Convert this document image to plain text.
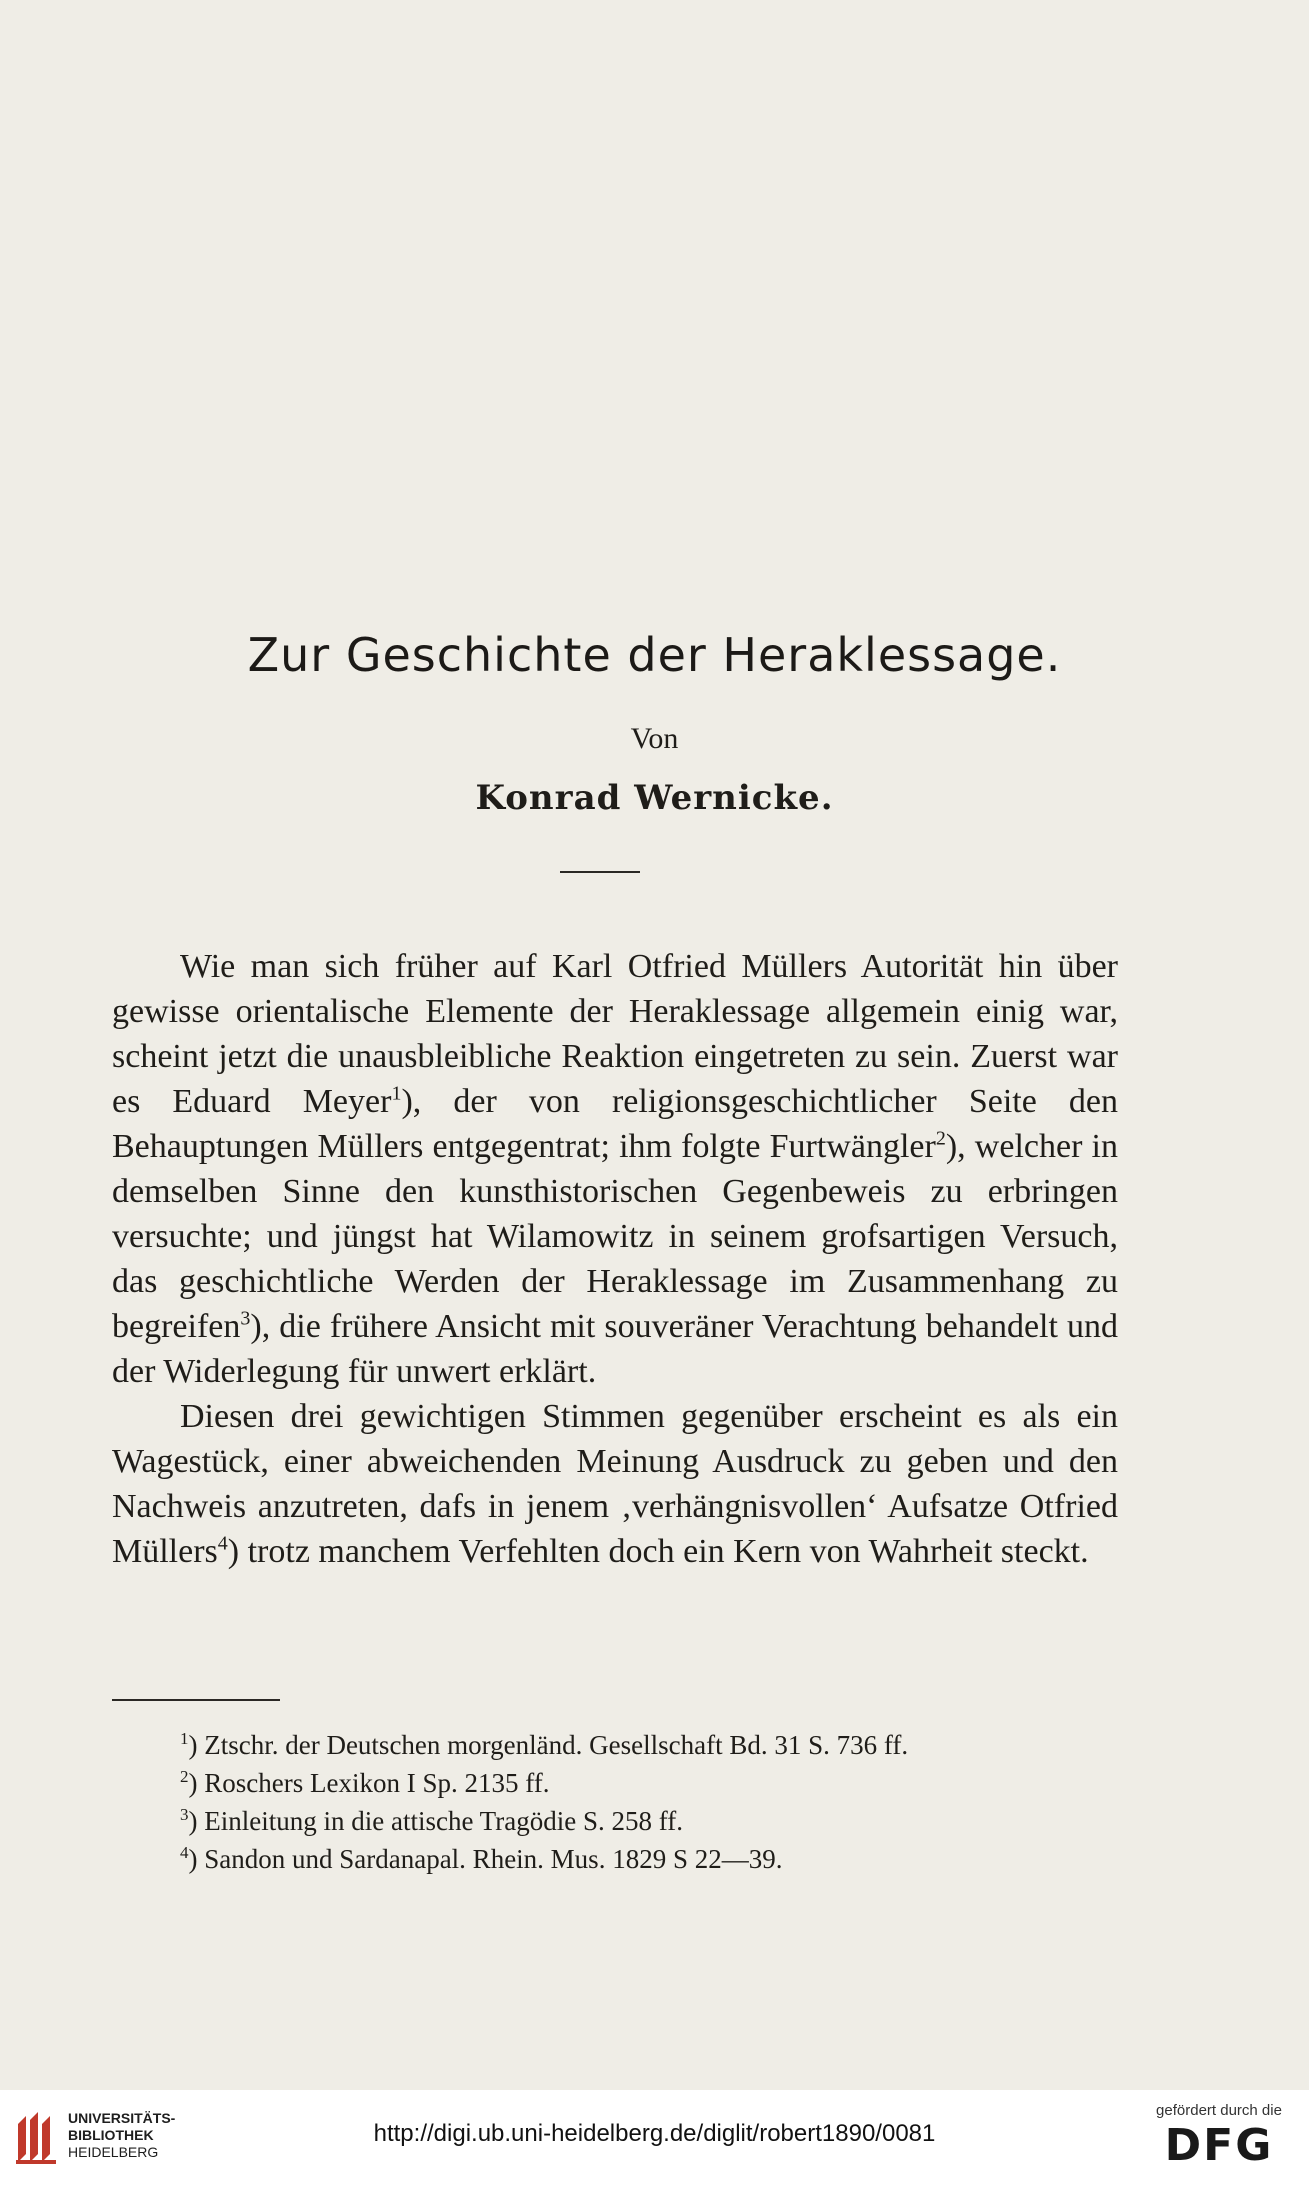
Zur Geschichte der Heraklessage.
Von
Konrad Wernicke.

Wie man sich früher auf Karl Otfried Müllers Autorität hin über gewisse orientalische Elemente der Heraklessage allgemein einig war, scheint jetzt die unausbleibliche Reaktion eingetreten zu sein. Zuerst war es Eduard Meyer$^1$), der von religionsgeschichtlicher Seite den Behauptungen Müllers entgegentrat; ihm folgte Furtwängler$^2$), welcher in demselben Sinne den kunsthistorischen Gegenbeweis zu erbringen versuchte; und jüngst hat Wilamowitz in seinem grofsartigen Versuch, das geschichtliche Werden der Heraklessage im Zusammenhang zu begreifen$^3$), die frühere Ansicht mit souveräner Verachtung behandelt und der Widerlegung für unwert erklärt.

Diesen drei gewichtigen Stimmen gegenüber erscheint es als ein Wagestück, einer abweichenden Meinung Ausdruck zu geben und den Nachweis anzutreten, dafs in jenem ‚verhängnisvollen‘ Aufsatze Otfried Müllers$^4$) trotz manchem Verfehlten doch ein Kern von Wahrheit steckt.

$^1$) Ztschr. der Deutschen morgenländ. Gesellschaft Bd. 31 S. 736 ff.
$^2$) Roschers Lexikon I Sp. 2135 ff.
$^3$) Einleitung in die attische Tragödie S. 258 ff.
$^4$) Sandon und Sardanapal. Rhein. Mus. 1829 S 22—39.
UNIVERSITÄTS-
BIBLIOTHEK
HEIDELBERG
http://digi.ub.uni-heidelberg.de/diglit/robert1890/0081
gefördert durch die
DFG
